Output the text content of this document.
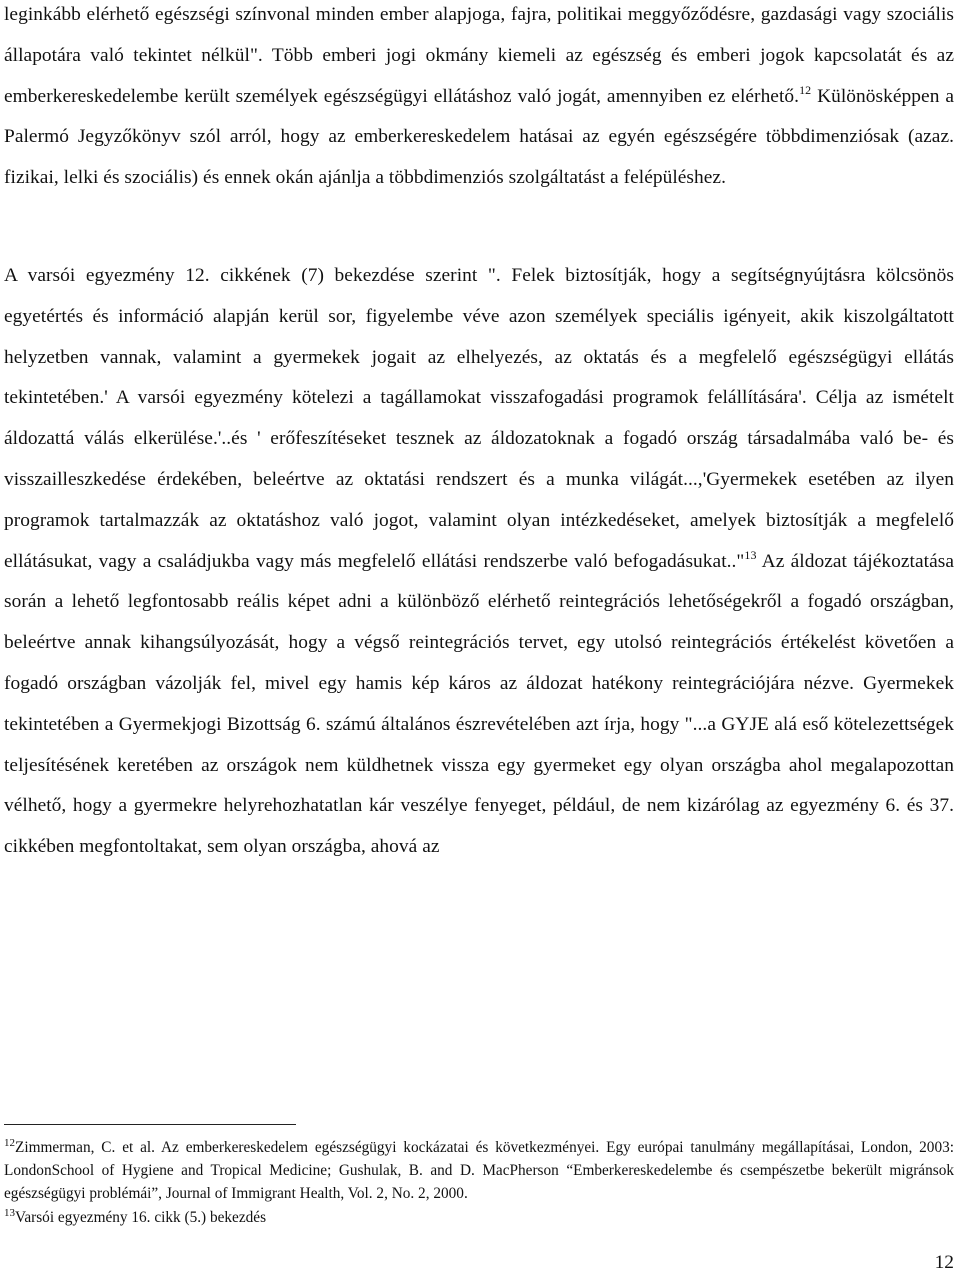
leginkább elérhető egészségi színvonal minden ember alapjoga, fajra, politikai meggyőződésre, gazdasági vagy szociális állapotára való tekintet nélkül". Több emberi jogi okmány kiemeli az egészség és emberi jogok kapcsolatát és az emberkereskedelembe került személyek egészségügyi ellátáshoz való jogát, amennyiben ez elérhető.$^{12}$ Különösképpen a Palermó Jegyzőkönyv szól arról, hogy az emberkereskedelem hatásai az egyén egészségére többdimenziósak (azaz. fizikai, lelki és szociális) és ennek okán ajánlja a többdimenziós szolgáltatást a felépüléshez.

A varsói egyezmény 12. cikkének (7) bekezdése szerint ". Felek biztosítják, hogy a segítségnyújtásra kölcsönös egyetértés és információ alapján kerül sor, figyelembe véve azon személyek speciális igényeit, akik kiszolgáltatott helyzetben vannak, valamint a gyermekek jogait az elhelyezés, az oktatás és a megfelelő egészségügyi ellátás tekintetében.' A varsói egyezmény kötelezi a tagállamokat visszafogadási programok felállítására'. Célja az ismételt áldozattá válás elkerülése.'..és ' erőfeszítéseket tesznek az áldozatoknak a fogadó ország társadalmába való be- és visszailleszkedése érdekében, beleértve az oktatási rendszert és a munka világát...,'Gyermekek esetében az ilyen programok tartalmazzák az oktatáshoz való jogot, valamint olyan intézkedéseket, amelyek biztosítják a megfelelő ellátásukat, vagy a családjukba vagy más megfelelő ellátási rendszerbe való befogadásukat.."$^{13}$ Az áldozat tájékoztatása során a lehető legfontosabb reális képet adni a különböző elérhető reintegrációs lehetőségekről a fogadó országban, beleértve annak kihangsúlyozását, hogy a végső reintegrációs tervet, egy utolsó reintegrációs értékelést követően a fogadó országban vázolják fel, mivel egy hamis kép káros az áldozat hatékony reintegrációjára nézve. Gyermekek tekintetében a Gyermekjogi Bizottság 6. számú általános észrevételében azt írja, hogy "...a GYJE alá eső kötelezettségek teljesítésének keretében az országok nem küldhetnek vissza egy gyermeket egy olyan országba ahol megalapozottan vélhető, hogy a gyermekre helyrehozhatatlan kár veszélye fenyeget, például, de nem kizárólag az egyezmény 6. és 37. cikkében megfontoltakat, sem olyan országba, ahová az

$^{12}$Zimmerman, C. et al. Az emberkereskedelem egészségügyi kockázatai és következményei. Egy európai tanulmány megállapításai, London, 2003: LondonSchool of Hygiene and Tropical Medicine; Gushulak, B. and D. MacPherson “Emberkereskedelembe és csempészetbe bekerült migránsok egészségügyi problémái”, Journal of Immigrant Health, Vol. 2, No. 2, 2000.

$^{13}$Varsói egyezmény 16. cikk (5.) bekezdés

12
